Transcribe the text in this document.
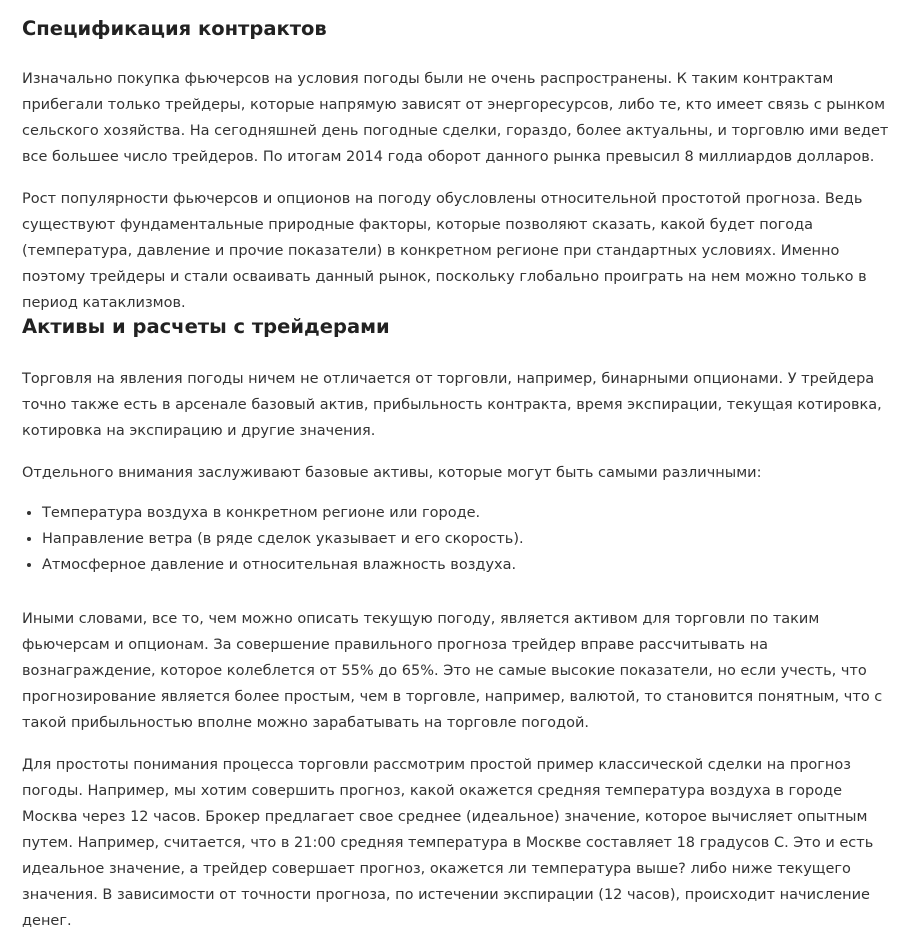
Спецификация контрактов

Изначально покупка фьючерсов на условия погоды были не очень распространены. К таким контрактам прибегали только трейдеры, которые напрямую зависят от энергоресурсов, либо те, кто имеет связь с рынком сельского хозяйства. На сегодняшней день погодные сделки, гораздо, более актуальны, и торговлю ими ведет все большее число трейдеров. По итогам 2014 года оборот данного рынка превысил 8 миллиардов долларов.

Рост популярности фьючерсов и опционов на погоду обусловлены относительной простотой прогноза. Ведь существуют фундаментальные природные факторы, которые позволяют сказать, какой будет погода (температура, давление и прочие показатели) в конкретном регионе при стандартных условиях. Именно поэтому трейдеры и стали осваивать данный рынок, поскольку глобально проиграть на нем можно только в период катаклизмов.

Активы и расчеты с трейдерами

Торговля на явления погоды ничем не отличается от торговли, например, бинарными опционами. У трейдера точно также есть в арсенале базовый актив, прибыльность контракта, время экспирации, текущая котировка, котировка на экспирацию и другие значения.

Отдельного внимания заслуживают базовые активы, которые могут быть самыми различными:

• Температура воздуха в конкретном регионе или городе.
• Направление ветра (в ряде сделок указывает и его скорость).
• Атмосферное давление и относительная влажность воздуха.

Иными словами, все то, чем можно описать текущую погоду, является активом для торговли по таким фьючерсам и опционам. За совершение правильного прогноза трейдер вправе рассчитывать на вознаграждение, которое колеблется от 55% до 65%. Это не самые высокие показатели, но если учесть, что прогнозирование является более простым, чем в торговле, например, валютой, то становится понятным, что с такой прибыльностью вполне можно зарабатывать на торговле погодой.

Для простоты понимания процесса торговли рассмотрим простой пример классической сделки на прогноз погоды. Например, мы хотим совершить прогноз, какой окажется средняя температура воздуха в городе Москва через 12 часов. Брокер предлагает свое среднее (идеальное) значение, которое вычисляет опытным путем. Например, считается, что в 21:00 средняя температура в Москве составляет 18 градусов С. Это и есть идеальное значение, а трейдер совершает прогноз, окажется ли температура выше? либо ниже текущего значения. В зависимости от точности прогноза, по истечении экспирации (12 часов), происходит начисление денег.
